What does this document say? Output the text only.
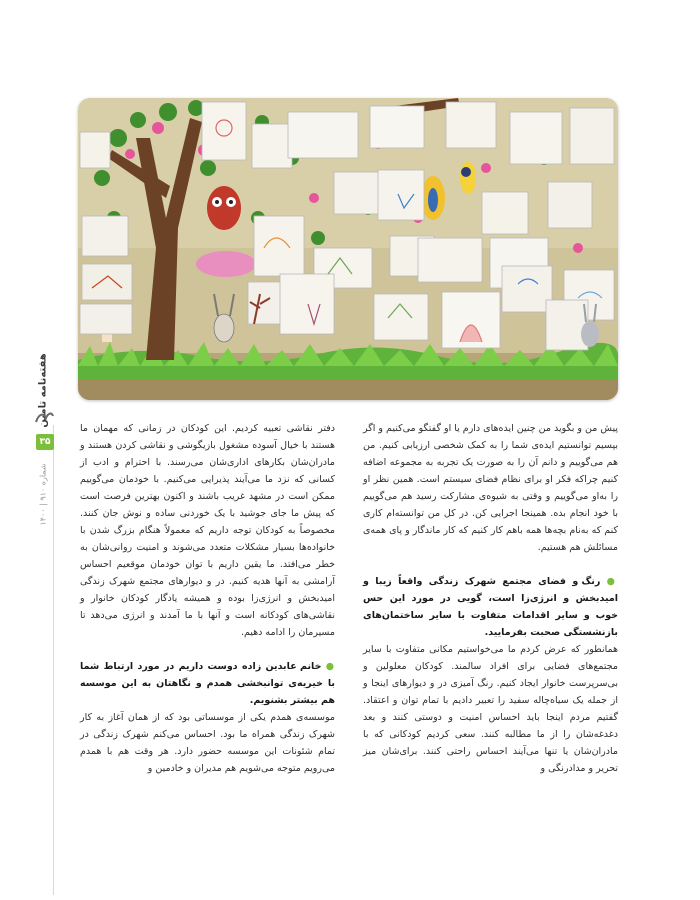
هفته‌نامه تامین
۳۵
شماره ۹۱۰ | ۱۴۰۰

پیش من و بگوید من چنین ایده‌های دارم یا او گفتگو می‌کنیم و اگر بپسیم توانستیم ایده‌ی شما را به کمک شخصی ارزیابی کنیم. من هم می‌گوییم و دانم آن را به صورت یک تجربه به مجموعه اضافه کنیم چراکه فکر او برای نظام فضای سیستم است. همین نظر او را به‌او می‌گوییم و وقتی به شیوه‌ی مشارکت رسید هم می‌گوییم با خود انجام بده. همینجا اجرایی کن. در کل من توانسته‌ام کاری کنم که به‌نام بچه‌ها همه باهم کار کنیم که کار ماندگار و پای همه‌ی مسائلش هم هستیم.

● رنگ و فضای مجتمع شهرک زندگی واقعاً زیبا و امیدبخش و انرژی‌زا است، گویی در مورد این حس خوب و سایر اقدامات متفاوت با سایر ساختمان‌های بازنشستگی صحبت بفرمایید.

همانطور که عرض کردم ما می‌خواستیم مکانی متفاوت با سایر مجتمع‌های فضایی برای افراد سالمند. کودکان معلولین و بی‌سرپرست خانوار ایجاد کنیم. رنگ آمیزی در و دیوارهای اینجا و از جمله یک سیاه‌چاله سفید را تعبیر دادیم با تمام توان و اعتقاد. گفتیم مردم اینجا باید احساس امنیت و دوستی کنند و بعد دغدغه‌شان را از ما مطالبه کنند. سعی کردیم کودکانی که با مادران‌شان یا تنها می‌آیند احساس راحتی کنند. برای‌شان میز تحریر و مدادرنگی و

دفتر نقاشی تعبیه کردیم. این کودکان در زمانی که مهمان ما هستند با خیال آسوده مشغول بازیگوشی و نقاشی کردن هستند و مادران‌شان بکارهای اداری‌شان می‌رسند. با احترام و ادب از کسانی که نزد ما می‌آیند پذیرایی می‌کنیم. با خودمان می‌گوییم ممکن است در مشهد غریب باشند و اکنون بهترین فرصت است که پیش ما جای جوشید با یک خوردنی ساده و نوش جان کنند. مخصوصاً به کودکان توجه داریم که معمولاً هنگام بزرگ شدن با خانواده‌ها بسیار مشکلات متعدد می‌شوند و امنیت روانی‌شان به خطر می‌افتد. ما یقین داریم با توان خودمان موقعیم احساس آرامشی به آنها هدیه کنیم. در و دیوارهای مجتمع شهرک زندگی امیدبخش و انرژی‌زا بوده و همیشه یادگار کودکان خانوار و نقاشی‌های کودکانه است و آنها با ما آمدند و انرژی می‌دهد تا مسیرمان را ادامه دهیم.

● خانم عابدین زاده دوست داریم در مورد ارتباط شما با خیریه‌ی توانبخشی همدم و نگاهتان به این موسسه هم بیشتر بشنویم.

موسسه‌ی همدم یکی از موسساتی بود که از همان آغاز به کار شهرک زندگی همراه ما بود. احساس می‌کنم شهرک زندگی در تمام شئونات این موسسه حضور دارد. هر وقت هم با همدم می‌رویم متوجه می‌شویم هم مدیران و خادمین و
